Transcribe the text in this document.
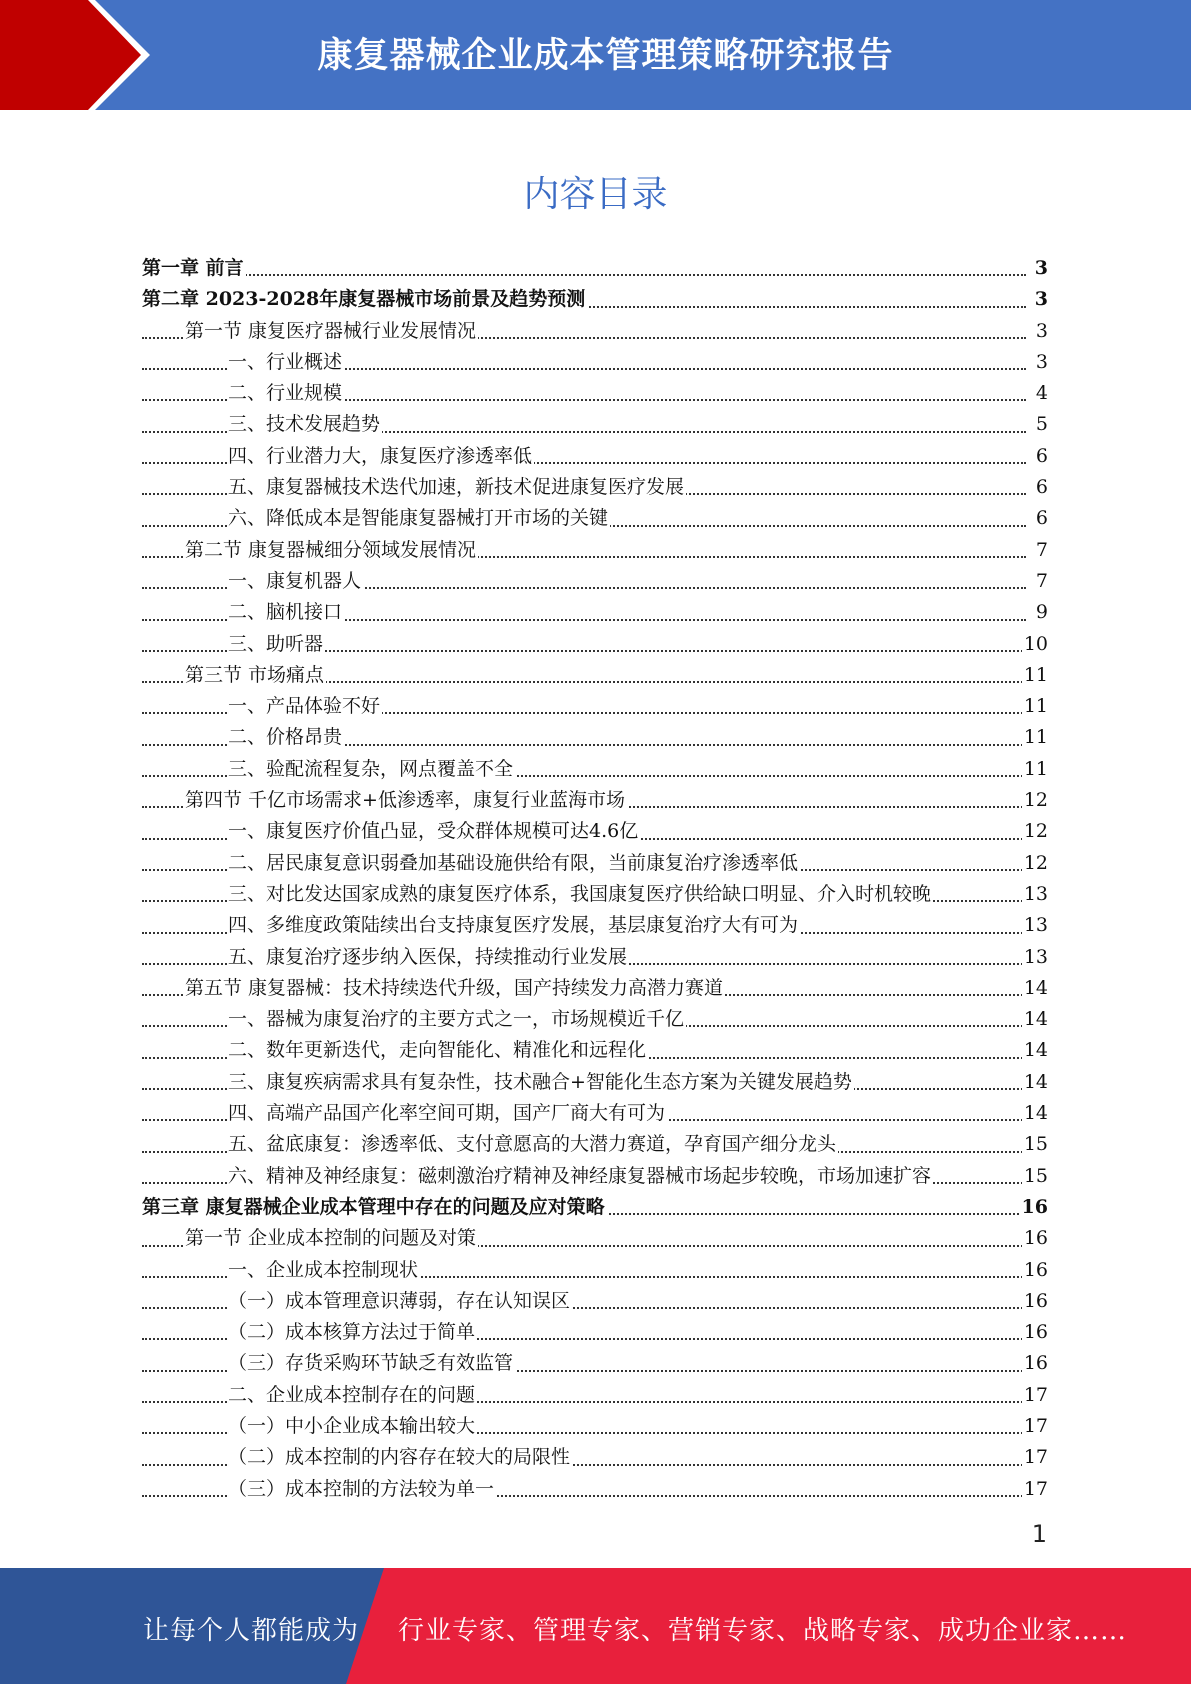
康复器械企业成本管理策略研究报告
内容目录
第一章 前言	3
第二章 2023-2028年康复器械市场前景及趋势预测	3
第一节 康复医疗器械行业发展情况	3
一、行业概述	3
二、行业规模	4
三、技术发展趋势	5
四、行业潜力大，康复医疗渗透率低	6
五、康复器械技术迭代加速，新技术促进康复医疗发展	6
六、降低成本是智能康复器械打开市场的关键	6
第二节 康复器械细分领域发展情况	7
一、康复机器人	7
二、脑机接口	9
三、助听器	10
第三节 市场痛点	11
一、产品体验不好	11
二、价格昂贵	11
三、验配流程复杂，网点覆盖不全	11
第四节 千亿市场需求+低渗透率，康复行业蓝海市场	12
一、康复医疗价值凸显，受众群体规模可达4.6亿	12
二、居民康复意识弱叠加基础设施供给有限，当前康复治疗渗透率低	12
三、对比发达国家成熟的康复医疗体系，我国康复医疗供给缺口明显、介入时机较晚	13
四、多维度政策陆续出台支持康复医疗发展，基层康复治疗大有可为	13
五、康复治疗逐步纳入医保，持续推动行业发展	13
第五节 康复器械：技术持续迭代升级，国产持续发力高潜力赛道	14
一、器械为康复治疗的主要方式之一，市场规模近千亿	14
二、数年更新迭代，走向智能化、精准化和远程化	14
三、康复疾病需求具有复杂性，技术融合+智能化生态方案为关键发展趋势	14
四、高端产品国产化率空间可期，国产厂商大有可为	14
五、盆底康复：渗透率低、支付意愿高的大潜力赛道，孕育国产细分龙头	15
六、精神及神经康复：磁刺激治疗精神及神经康复器械市场起步较晚，市场加速扩容	15
第三章 康复器械企业成本管理中存在的问题及应对策略	16
第一节 企业成本控制的问题及对策	16
一、企业成本控制现状	16
（一）成本管理意识薄弱，存在认知误区	16
（二）成本核算方法过于简单	16
（三）存货采购环节缺乏有效监管	16
二、企业成本控制存在的问题	17
（一）中小企业成本输出较大	17
（二）成本控制的内容存在较大的局限性	17
（三）成本控制的方法较为单一	17
1
让每个人都能成为 行业专家、管理专家、营销专家、战略专家、成功企业家……
